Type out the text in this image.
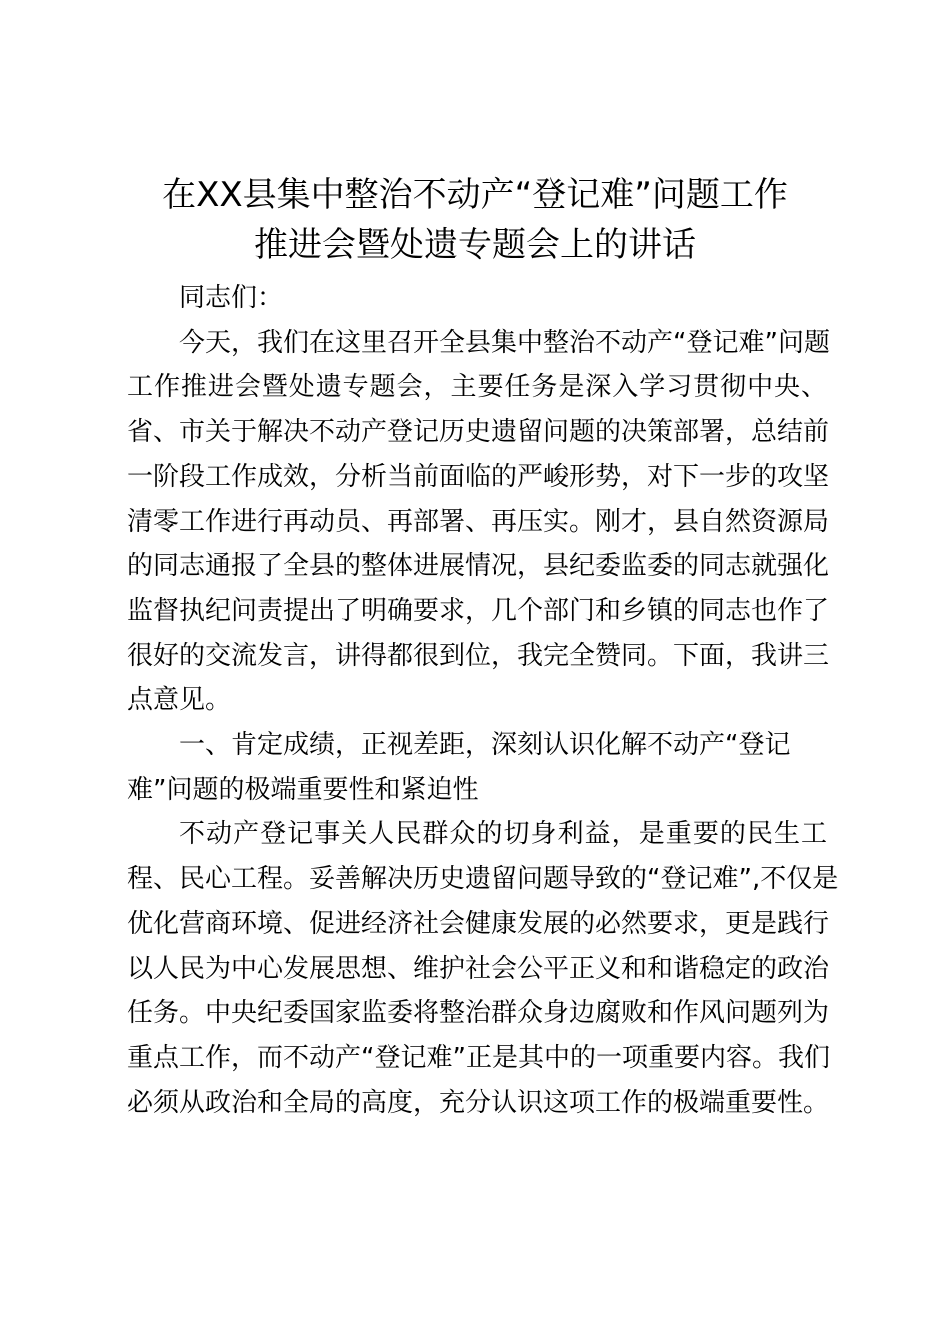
在XX县集中整治不动产“登记难”问题工作
推进会暨处遗专题会上的讲话
同志们：
今天，我们在这里召开全县集中整治不动产“登记难”问题
工作推进会暨处遗专题会，主要任务是深入学习贯彻中央、
省、市关于解决不动产登记历史遗留问题的决策部署，总结前
一阶段工作成效，分析当前面临的严峻形势，对下一步的攻坚
清零工作进行再动员、再部署、再压实。刚才，县自然资源局
的同志通报了全县的整体进展情况，县纪委监委的同志就强化
监督执纪问责提出了明确要求，几个部门和乡镇的同志也作了
很好的交流发言，讲得都很到位，我完全赞同。下面，我讲三
点意见。
一、肯定成绩，正视差距，深刻认识化解不动产“登记
难”问题的极端重要性和紧迫性
不动产登记事关人民群众的切身利益，是重要的民生工
程、民心工程。妥善解决历史遗留问题导致的“登记难”,不仅是
优化营商环境、促进经济社会健康发展的必然要求，更是践行
以人民为中心发展思想、维护社会公平正义和和谐稳定的政治
任务。中央纪委国家监委将整治群众身边腐败和作风问题列为
重点工作，而不动产“登记难”正是其中的一项重要内容。我们
必须从政治和全局的高度，充分认识这项工作的极端重要性。
